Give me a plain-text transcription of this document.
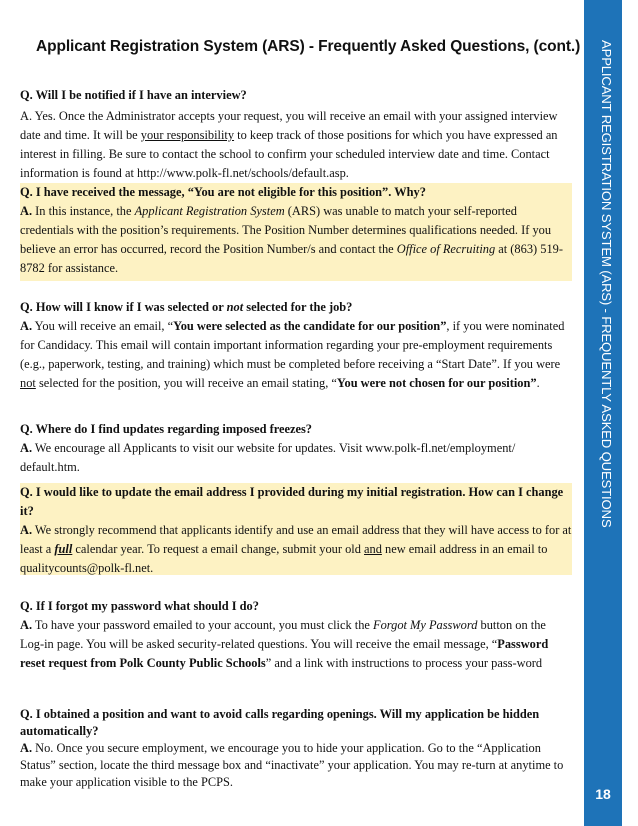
Applicant Registration System (ARS) - Frequently Asked Questions, (cont.)	APPLICANT REGISTRATION SYSTEM (ARS) - FREQUENTLY ASKED QUESTIONS
18
Q. Will I be notified if I have an interview?
A. Yes. Once the Administrator accepts your request, you will receive an email with your assigned interview date and time. It will be your responsibility to keep track of those positions for which you have expressed an interest in filling. Be sure to contact the school to confirm your scheduled interview date and time. Contact information is found at http://www.polk-fl.net/schools/default.asp.
Q. I have received the message, “You are not eligible for this position”. Why?
A. In this instance, the Applicant Registration System (ARS) was unable to match your self-reported credentials with the position’s requirements. The Position Number determines qualifications needed. If you believe an error has occurred, record the Position Number/s and contact the Office of Recruiting at (863) 519-8782 for assistance.
Q. How will I know if I was selected or not selected for the job?
A. You will receive an email, “You were selected as the candidate for our position”, if you were nominated for Candidacy. This email will contain important information regarding your pre-employment requirements (e.g., paperwork, testing, and training) which must be completed before receiving a “Start Date”. If you were not selected for the position, you will receive an email stating, “You were not chosen for our position”.
Q. Where do I find updates regarding imposed freezes?
A. We encourage all Applicants to visit our website for updates. Visit www.polk-fl.net/employment/ default.htm.
Q. I would like to update the email address I provided during my initial registration. How can I change it?
A. We strongly recommend that applicants identify and use an email address that they will have access to for at least a full calendar year. To request a email change, submit your old and new email address in an email to qualitycounts@polk-fl.net.
Q. If I forgot my password what should I do?
A. To have your password emailed to your account, you must click the Forgot My Password button on the Log-in page. You will be asked security-related questions. You will receive the email message, “Password reset request from Polk County Public Schools” and a link with instructions to process your pass-word
Q. I obtained a position and want to avoid calls regarding openings. Will my application be hidden automatically?
A. No. Once you secure employment, we encourage you to hide your application. Go to the “Application Status” section, locate the third message box and “inactivate” your application. You may re-turn at anytime to make your application visible to the PCPS.
